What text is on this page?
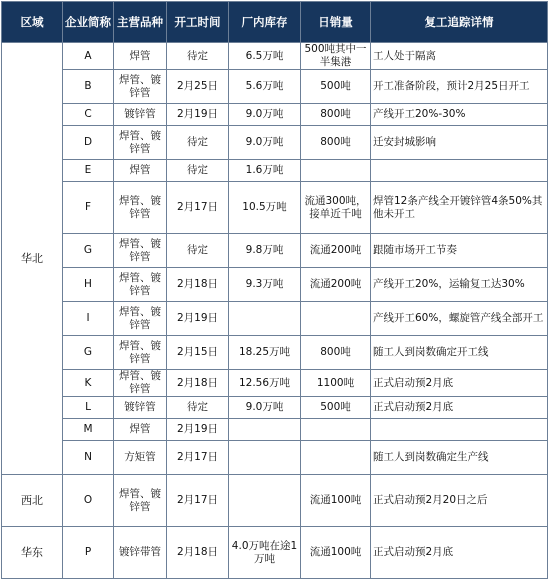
区域	企业简称	主营品种	开工时间	厂内库存	日销量	复工追踪详情
华北	A	焊管	待定	6.5万吨	500吨其中一半集港	工人处于隔离
	B	焊管、镀锌管	2月25日	5.6万吨	500吨	开工准备阶段，预计2月25日开工
	C	镀锌管	2月19日	9.0万吨	800吨	产线开工20%-30%
	D	焊管、镀锌管	待定	9.0万吨	800吨	迁安封城影响
	E	焊管	待定	1.6万吨		
	F	焊管、镀锌管	2月17日	10.5万吨	流通300吨，接单近千吨	焊管12条产线全开镀锌管4条50%其他未开工
	G	焊管、镀锌管	待定	9.8万吨	流通200吨	跟随市场开工节奏
	H	焊管、镀锌管	2月18日	9.3万吨	流通200吨	产线开工20%，运输复工达30%
	I	焊管、镀锌管	2月19日			产线开工60%，螺旋管产线全部开工
	G	焊管、镀锌管	2月15日	18.25万吨	800吨	随工人到岗数确定开工线
	K	焊管、镀锌管	2月18日	12.56万吨	1100吨	正式启动预2月底
	L	镀锌管	待定	9.0万吨	500吨	正式启动预2月底
	M	焊管	2月19日			
	N	方矩管	2月17日			随工人到岗数确定生产线
西北	O	焊管、镀锌管	2月17日		流通100吨	正式启动预2月20日之后
华东	P	镀锌带管	2月18日	4.0万吨在途1万吨	流通100吨	正式启动预2月底
